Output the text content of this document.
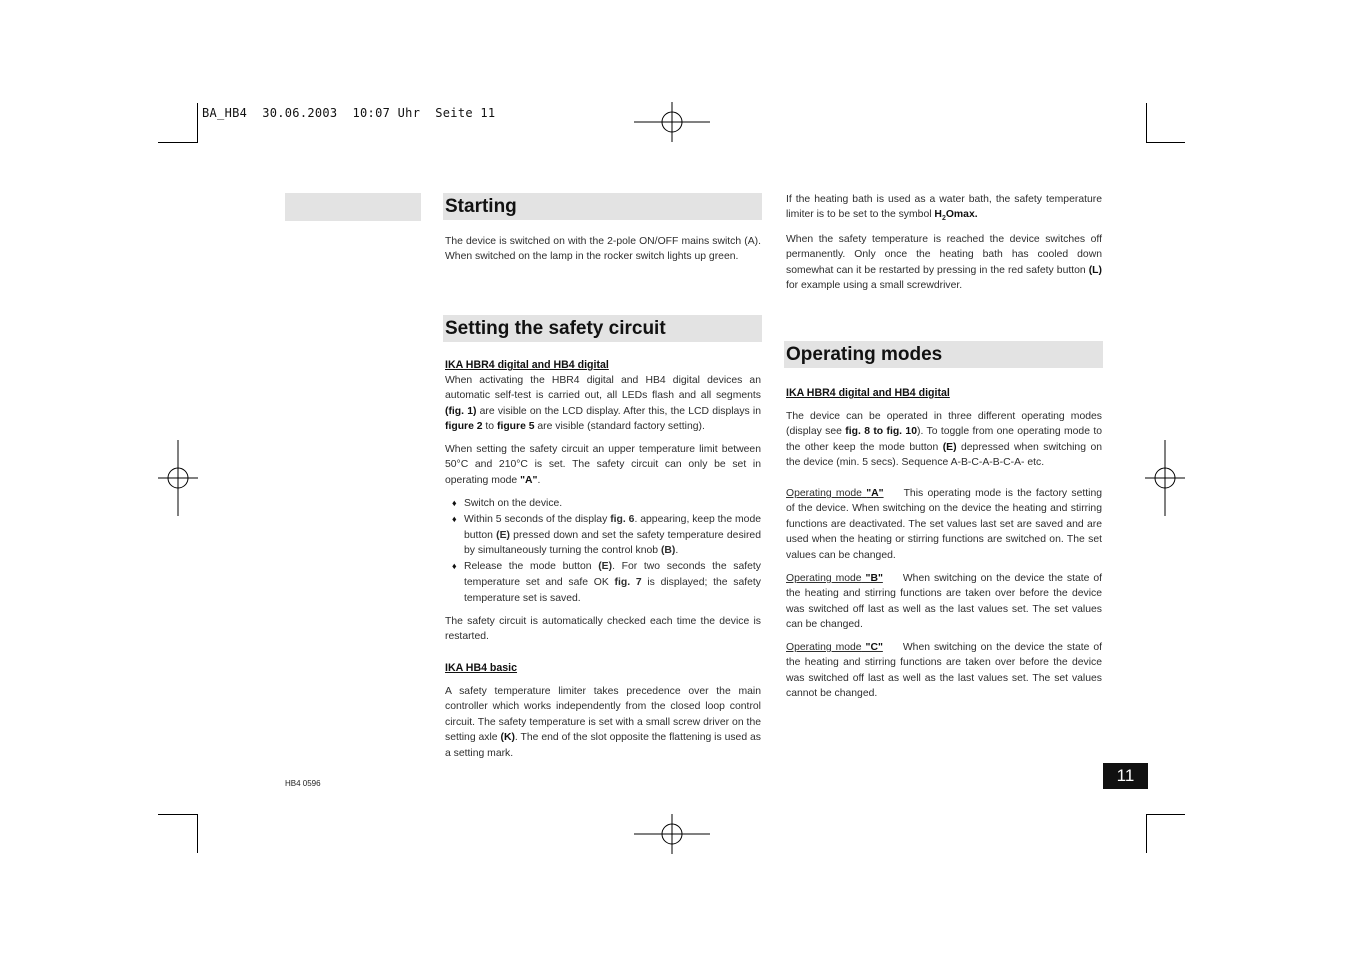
BA_HB4  30.06.2003  10:07 Uhr  Seite 11
Starting

The device is switched on with the 2-pole ON/OFF mains switch (A). When switched on the lamp in the rocker switch lights up green.

Setting the safety circuit

IKA HBR4 digital and HB4 digital

When activating the HBR4 digital and HB4 digital devices an automatic self-test is carried out, all LEDs flash and all segments (fig. 1) are visible on the LCD display. After this, the LCD displays in figure 2 to figure 5 are visible (standard factory setting).

When setting the safety circuit an upper temperature limit between 50°C and 210°C is set. The safety circuit can only be set in operating mode "A".

♦ Switch on the device.
♦ Within 5 seconds of the display fig. 6. appearing, keep the mode button (E) pressed down and set the safety temperature desired by simultaneously turning the control knob (B).
♦ Release the mode button (E). For two seconds the safety temperature set and safe OK fig. 7 is displayed; the safety temperature set is saved.

The safety circuit is automatically checked each time the device is restarted.

IKA HB4 basic

A safety temperature limiter takes precedence over the main controller which works independently from the closed loop control circuit. The safety temperature is set with a small screw driver on the setting axle (K). The end of the slot opposite the flattening is used as a setting mark.

If the heating bath is used as a water bath, the safety temperature limiter is to be set to the symbol $H_2Omax$.

When the safety temperature is reached the device switches off permanently. Only once the heating bath has cooled down somewhat can it be restarted by pressing in the red safety button (L) for example using a small screwdriver.

Operating modes

IKA HBR4 digital and HB4 digital

The device can be operated in three different operating modes (display see fig. 8 to fig. 10). To toggle from one operating mode to the other keep the mode button (E) depressed when switching on the device (min. 5 secs). Sequence A-B-C-A-B-C-A- etc.

Operating mode "A" This operating mode is the factory setting of the device. When switching on the device the heating and stirring functions are deactivated. The set values last set are saved and are used when the heating or stirring functions are switched on. The set values can be changed.

Operating mode "B" When switching on the device the state of the heating and stirring functions are taken over before the device was switched off last as well as the last values set. The set values can be changed.

Operating mode "C" When switching on the device the state of the heating and stirring functions are taken over before the device was switched off last as well as the last values set. The set values cannot be changed.

HB4 0596	11
